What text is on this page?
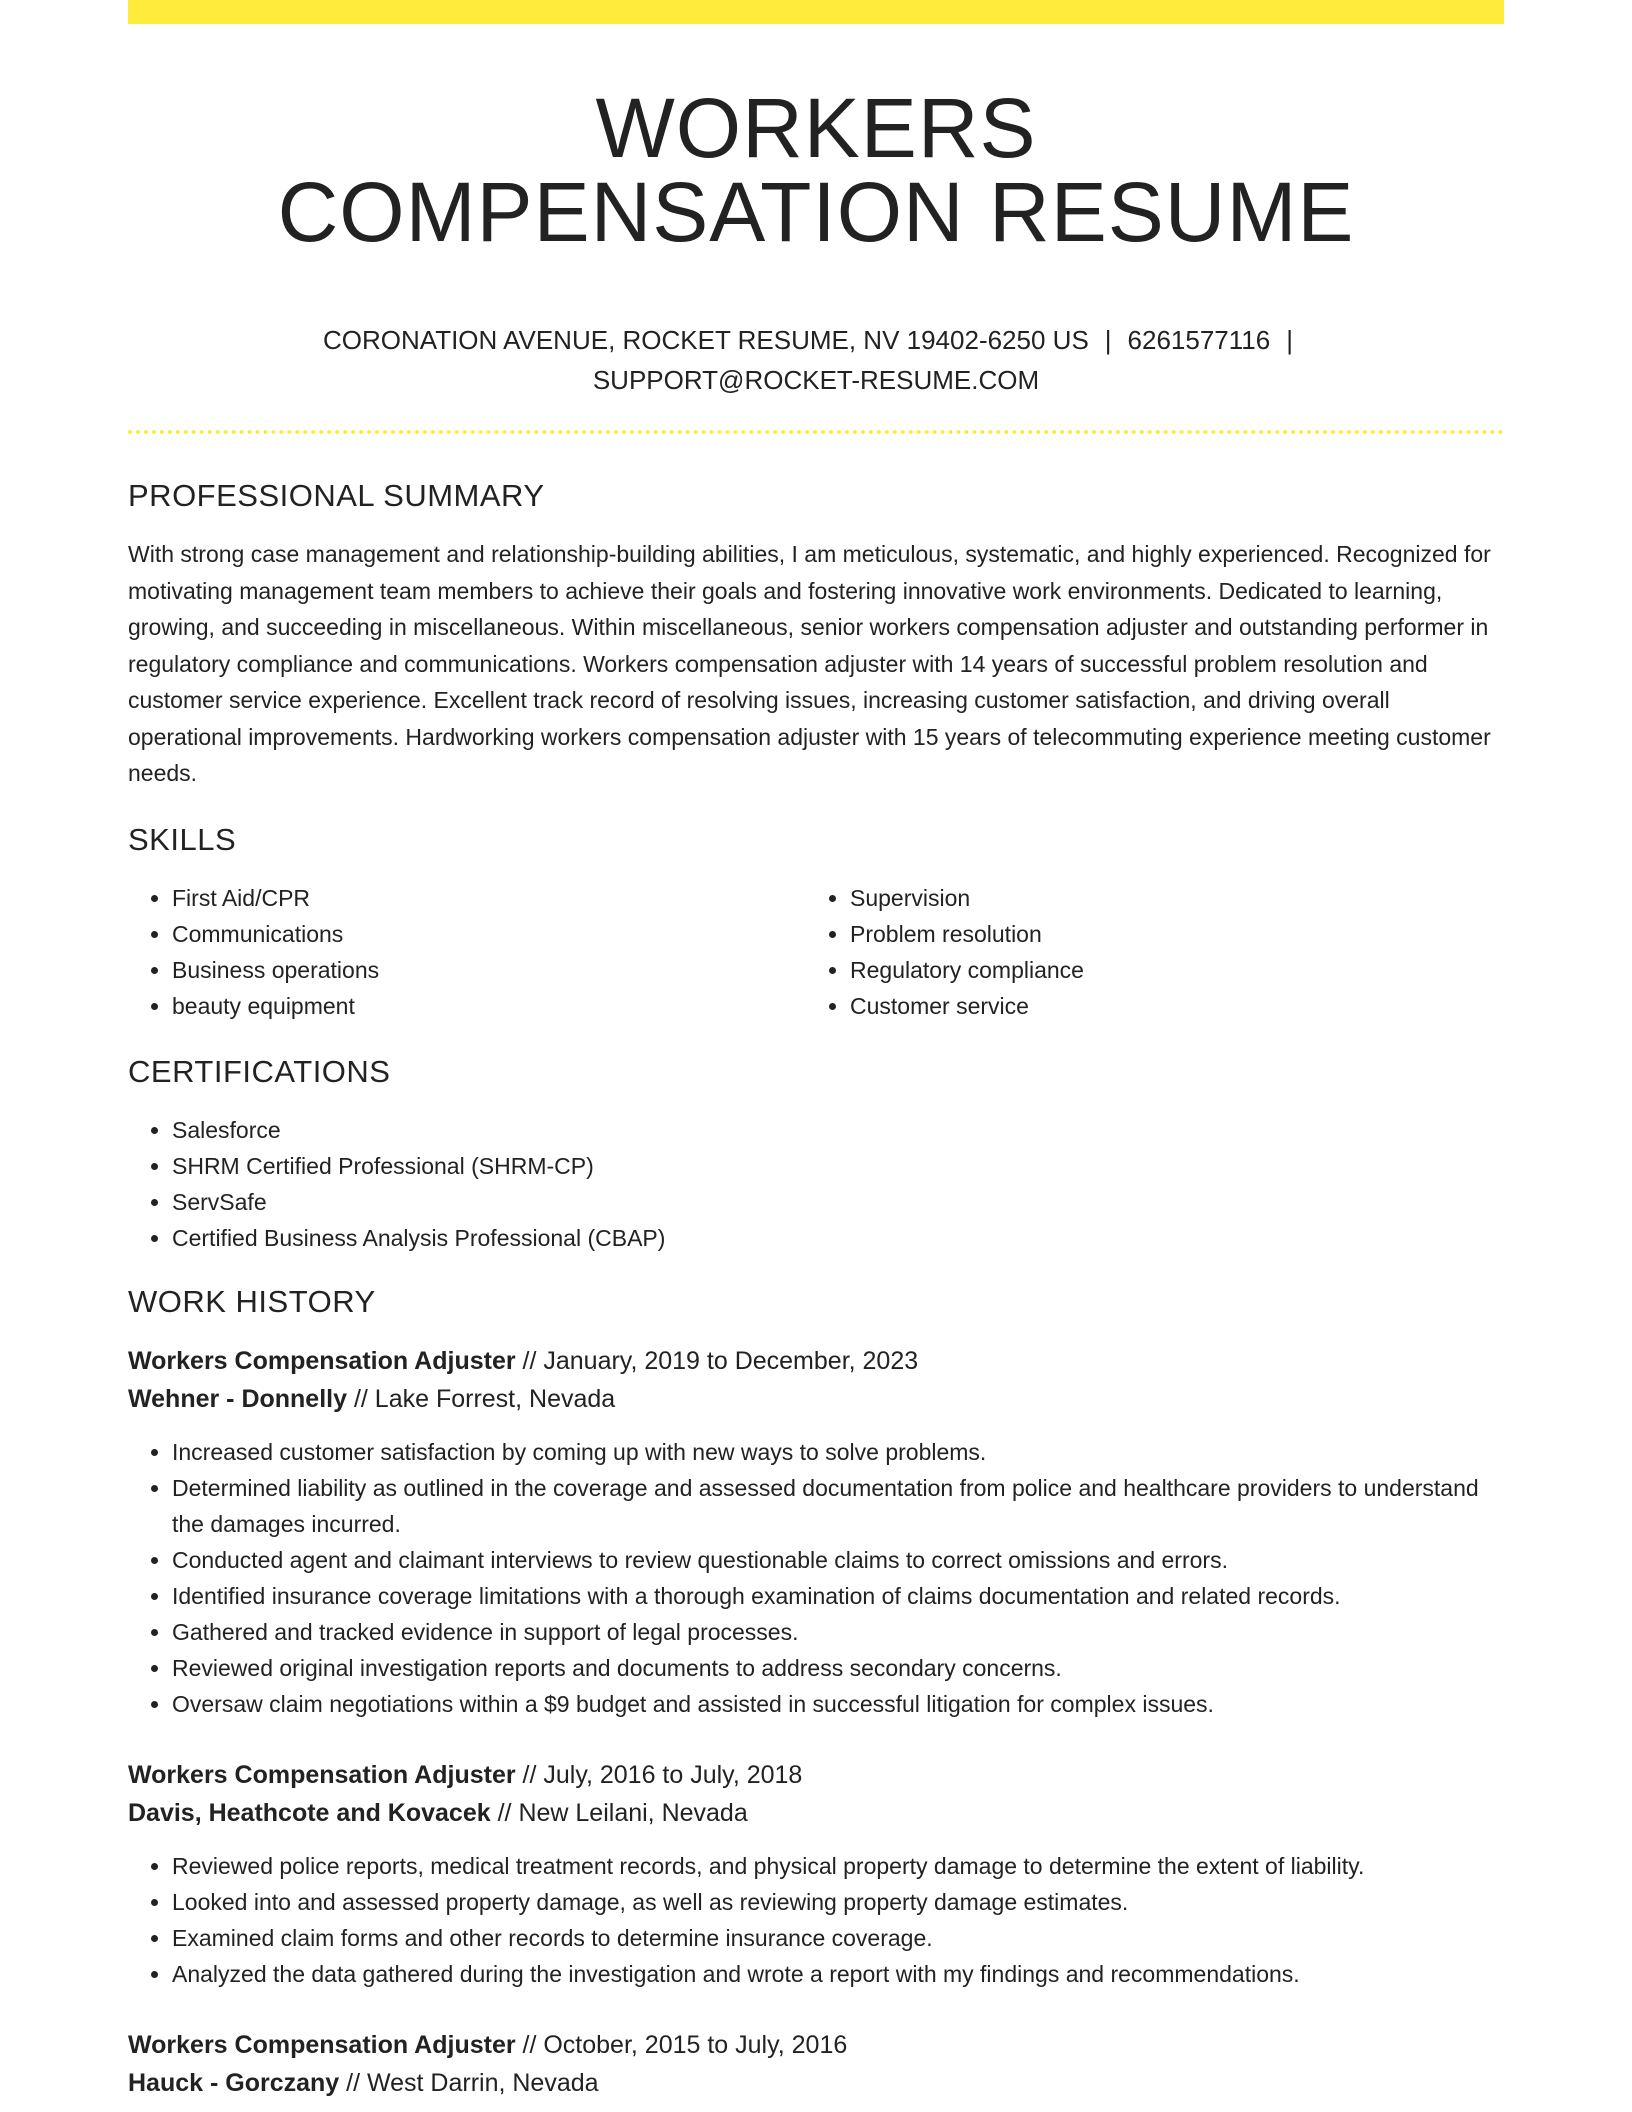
WORKERS
COMPENSATION RESUME
CORONATION AVENUE, ROCKET RESUME, NV 19402-6250 US | 6261577116 |
SUPPORT@ROCKET-RESUME.COM
PROFESSIONAL SUMMARY

With strong case management and relationship-building abilities, I am meticulous, systematic, and highly experienced. Recognized for motivating management team members to achieve their goals and fostering innovative work environments. Dedicated to learning, growing, and succeeding in miscellaneous. Within miscellaneous, senior workers compensation adjuster and outstanding performer in regulatory compliance and communications. Workers compensation adjuster with 14 years of successful problem resolution and customer service experience. Excellent track record of resolving issues, increasing customer satisfaction, and driving overall operational improvements. Hardworking workers compensation adjuster with 15 years of telecommuting experience meeting customer needs.

SKILLS
• First Aid/CPR
• Communications
• Business operations
• beauty equipment
• Supervision
• Problem resolution
• Regulatory compliance
• Customer service
CERTIFICATIONS
• Salesforce
• SHRM Certified Professional (SHRM-CP)
• ServSafe
• Certified Business Analysis Professional (CBAP)
WORK HISTORY
Workers Compensation Adjuster // January, 2019 to December, 2023
Wehner - Donnelly // Lake Forrest, Nevada
• Increased customer satisfaction by coming up with new ways to solve problems.
• Determined liability as outlined in the coverage and assessed documentation from police and healthcare providers to understand the damages incurred.
• Conducted agent and claimant interviews to review questionable claims to correct omissions and errors.
• Identified insurance coverage limitations with a thorough examination of claims documentation and related records.
• Gathered and tracked evidence in support of legal processes.
• Reviewed original investigation reports and documents to address secondary concerns.
• Oversaw claim negotiations within a $9 budget and assisted in successful litigation for complex issues.
Workers Compensation Adjuster // July, 2016 to July, 2018
Davis, Heathcote and Kovacek // New Leilani, Nevada
• Reviewed police reports, medical treatment records, and physical property damage to determine the extent of liability.
• Looked into and assessed property damage, as well as reviewing property damage estimates.
• Examined claim forms and other records to determine insurance coverage.
• Analyzed the data gathered during the investigation and wrote a report with my findings and recommendations.
Workers Compensation Adjuster // October, 2015 to July, 2016
Hauck - Gorczany // West Darrin, Nevada
